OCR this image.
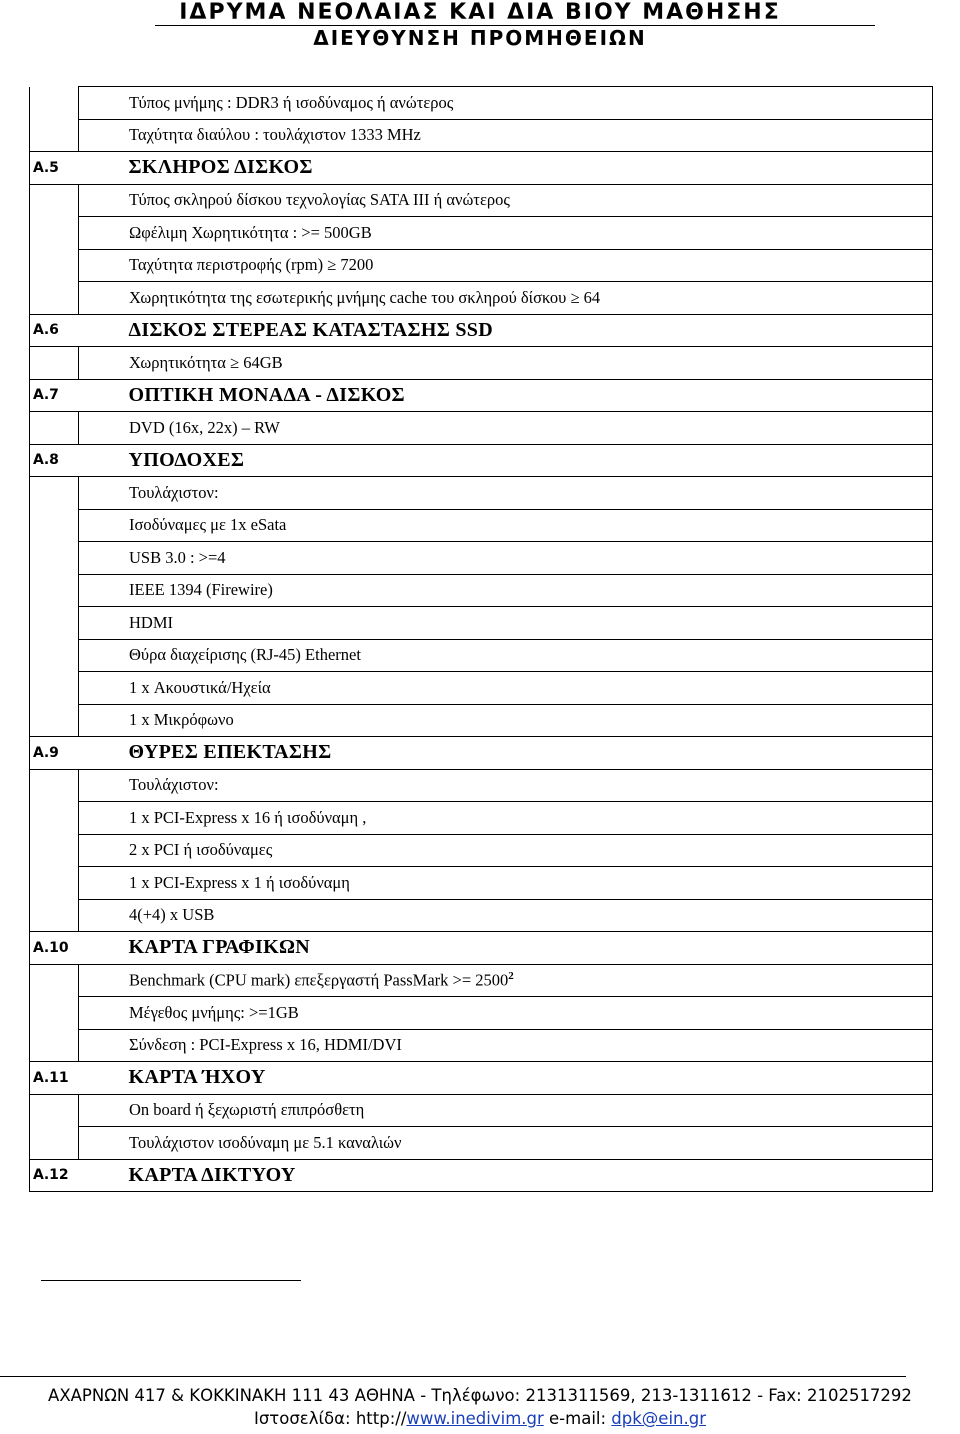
ΙΔΡΥΜΑ ΝΕΟΛΑΙΑΣ ΚΑΙ ΔΙΑ ΒΙΟΥ ΜΑΘΗΣΗΣ
ΔΙΕΥΘΥΝΣΗ ΠΡΟΜΗΘΕΙΩΝ

	Τύπος μνήμης : DDR3 ή ισοδύναμος ή ανώτερος

	Ταχύτητα διαύλου : τουλάχιστον 1333 MHz

Α.5	ΣΚΛΗΡΟΣ ΔΙΣΚΟΣ

	Τύπος σκληρού δίσκου τεχνολογίας SATA III ή ανώτερος

	Ωφέλιμη Χωρητικότητα : >= 500GB

	Ταχύτητα περιστροφής (rpm) ≥ 7200

	Χωρητικότητα της εσωτερικής μνήμης cache του σκληρού δίσκου ≥ 64

Α.6	ΔΙΣΚΟΣ ΣΤΕΡΕΑΣ ΚΑΤΑΣΤΑΣΗΣ SSD

	Χωρητικότητα ≥ 64GB

Α.7	ΟΠΤΙΚΗ ΜΟΝΑΔΑ - ΔΙΣΚΟΣ

	DVD (16x, 22x) – RW

Α.8	ΥΠΟΔΟΧΕΣ

	Τουλάχιστον:

	Ισοδύναμες με 1x eSata

	USB 3.0 : >=4

	IEEE 1394 (Firewire)

	HDMI

	Θύρα διαχείρισης (RJ-45) Ethernet

	1 x Ακουστικά/Ηχεία

	1 x Μικρόφωνο

Α.9	ΘΥΡΕΣ ΕΠΕΚΤΑΣΗΣ

	Τουλάχιστον:

	1 x PCI-Express x 16 ή ισοδύναμη ,

	2 x PCI ή ισοδύναμες

	1 x PCI-Express x 1 ή ισοδύναμη

	4(+4) x USB

Α.10	ΚΑΡΤΑ ΓΡΑΦΙΚΩΝ

	Benchmark (CPU mark) επεξεργαστή PassMark >= $2500^2$

	Μέγεθος μνήμης: >=1GB

	Σύνδεση : PCI-Express x 16, HDMI/DVI

Α.11	ΚΑΡΤΑ ΉΧΟΥ

	On board ή ξεχωριστή επιπρόσθετη

	Τουλάχιστον ισοδύναμη με 5.1 καναλιών

Α.12	ΚΑΡΤΑ ΔΙΚΤΥΟΥ
ΑΧΑΡΝΩΝ 417 & ΚΟΚΚΙΝΑΚΗ 111 43 ΑΘΗΝΑ - Τηλέφωνο: 2131311569, 213-1311612 - Fax: 2102517292
Ιστοσελίδα: http://www.inedivim.gr e-mail: dpk@ein.gr
